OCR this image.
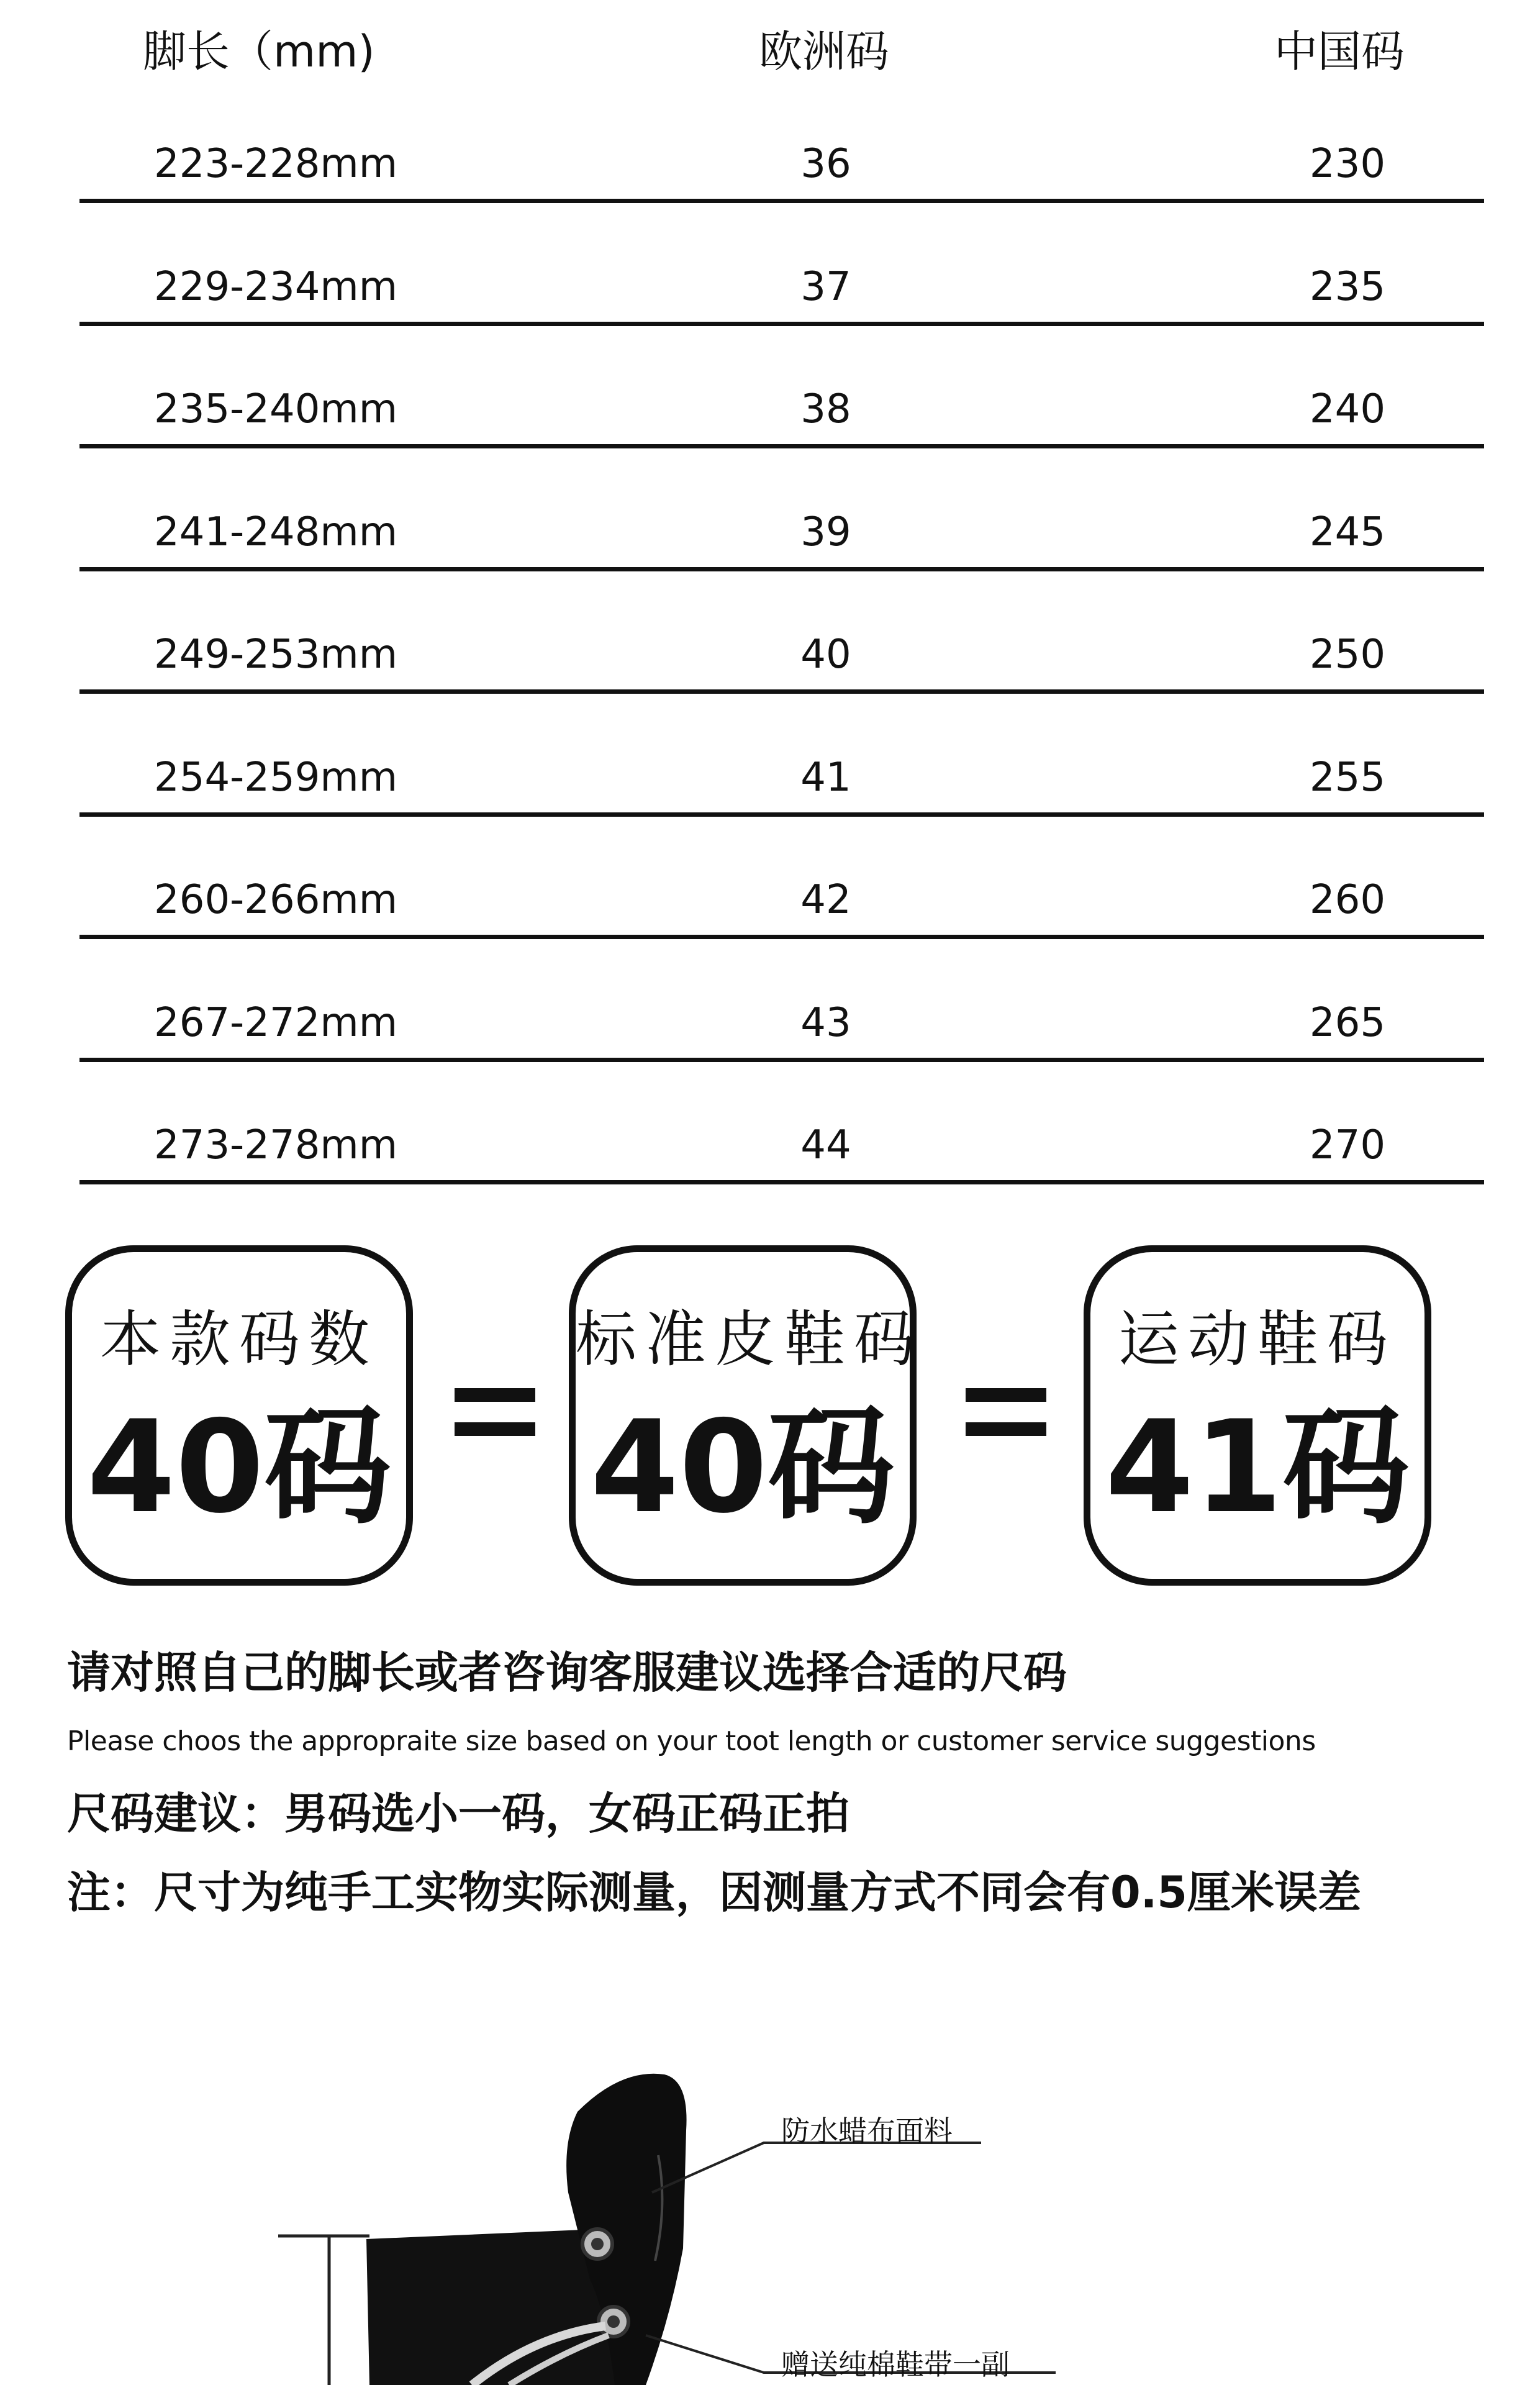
脚长（mm)	欧洲码	中国码
223-228mm	36	230
229-234mm	37	235
235-240mm	38	240
241-248mm	39	245
249-253mm	40	250
254-259mm	41	255
260-266mm	42	260
267-272mm	43	265
273-278mm	44	270
本款码数
40码
标准皮鞋码
40码
运动鞋码
41码
请对照自己的脚长或者咨询客服建议选择合适的尺码
Please choos the appropraite size based on your toot length or customer service suggestions
尺码建议：男码选小一码，女码正码正拍
注：尺寸为纯手工实物实际测量，因测量方式不同会有0.5厘米误差
防水蜡布面料
赠送纯棉鞋带一副
